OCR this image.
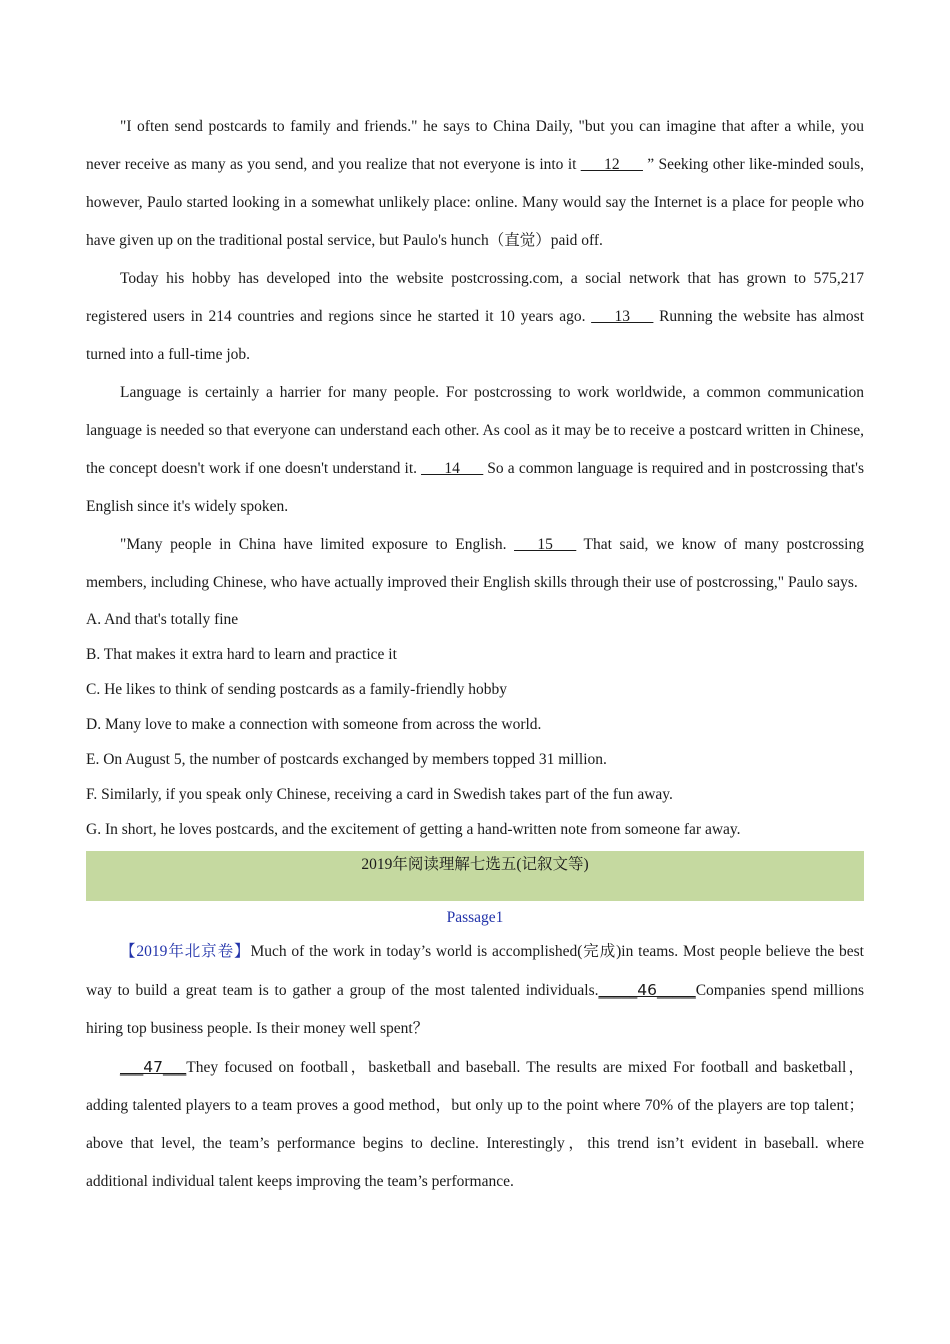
"I often send postcards to family and friends." he says to China Daily, "but you can imagine that after a while, you never receive as many as you send, and you realize that not everyone is into it ___12___ ” Seeking other like-minded souls, however, Paulo started looking in a somewhat unlikely place: online. Many would say the Internet is a place for people who have given up on the traditional postal service, but Paulo's hunch（直觉）paid off.

Today his hobby has developed into the website postcrossing.com, a social network that has grown to 575,217 registered users in 214 countries and regions since he started it 10 years ago. ___13___ Running the website has almost turned into a full-time job.

Language is certainly a harrier for many people. For postcrossing to work worldwide, a common communication language is needed so that everyone can understand each other. As cool as it may be to receive a postcard written in Chinese, the concept doesn't work if one doesn't understand it. ___14___ So a common language is required and in postcrossing that's English since it's widely spoken.

"Many people in China have limited exposure to English. ___15___ That said, we know of many postcrossing members, including Chinese, who have actually improved their English skills through their use of postcrossing," Paulo says.

A. And that's totally fine

B. That makes it extra hard to learn and practice it

C. He likes to think of sending postcards as a family-friendly hobby

D. Many love to make a connection with someone from across the world.

E. On August 5, the number of postcards exchanged by members topped 31 million.

F. Similarly, if you speak only Chinese, receiving a card in Swedish takes part of the fun away.

G. In short, he loves postcards, and the excitement of getting a hand-written note from someone far away.

2019年阅读理解七选五(记叙文等)
Passage1

【2019年北京卷】Much of the work in today’s world is accomplished(完成)in teams. Most people believe the best way to build a great team is to gather a group of the most talented individuals._____46_____Companies spend millions hiring top business people. Is their money well spent？

___47___They focused on football，basketball and baseball. The results are mixed For football and basketball，adding talented players to a team proves a good method，but only up to the point where 70% of the players are top talent；above that level, the team’s performance begins to decline. Interestingly，this trend isn’t evident in baseball. where additional individual talent keeps improving the team’s performance.
